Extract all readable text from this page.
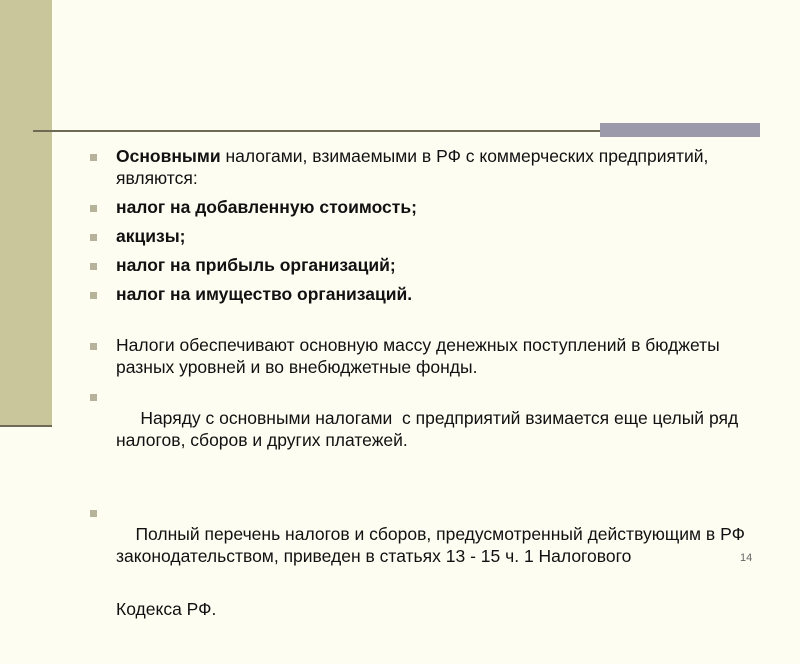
Основными налогами, взимаемыми в РФ с коммерческих предприятий, являются:
налог на добавленную стоимость;
акцизы;
налог на прибыль организаций;
налог на имущество организаций.
Налоги обеспечивают основную массу денежных поступлений в бюджеты разных уровней и во внебюджетные фонды.

Наряду с основными налогами  с предприятий взимается еще целый ряд налогов, сборов и других платежей.

Полный перечень налогов и сборов, предусмотренный действующим в РФ  законодательством, приведен в статьях 13 - 15 ч. 1 Налогового

Кодекса РФ.

14
